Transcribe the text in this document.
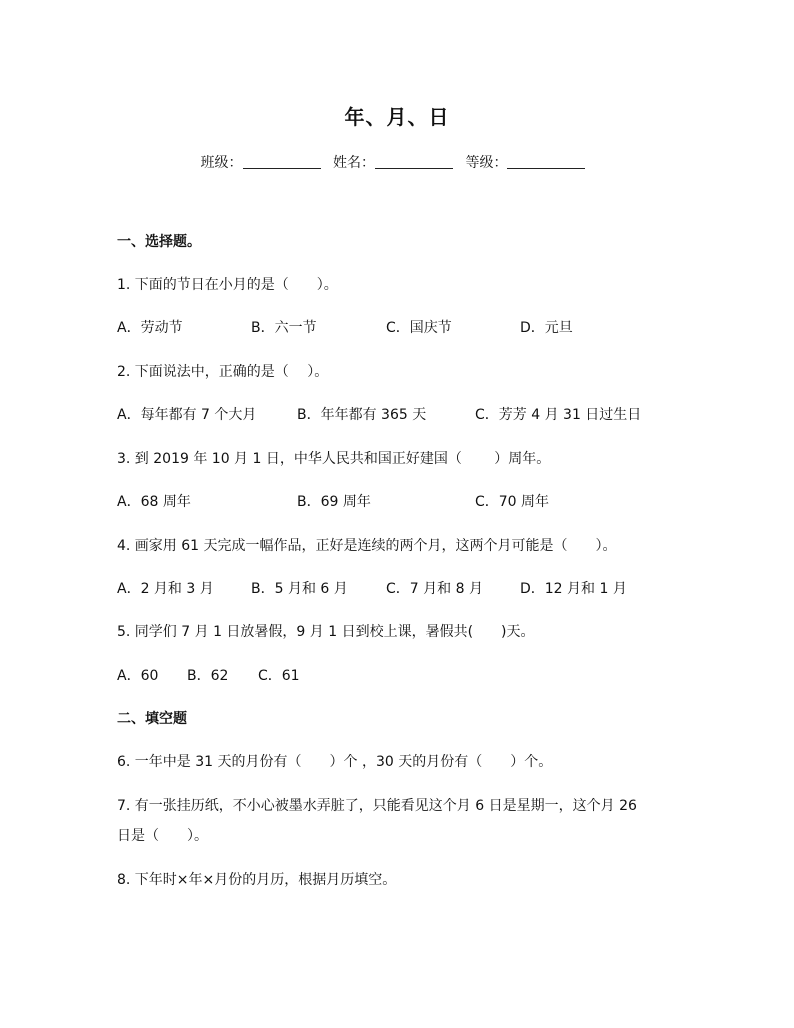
年、月、日
班级：	姓名：	等级：
一、选择题。
1. 下面的节日在小月的是（　　）。
A．劳动节	B．六一节	C．国庆节	D．元旦
2. 下面说法中，正确的是（　 ）。
A．每年都有 7 个大月	B．年年都有 365 天	C．芳芳 4 月 31 日过生日
3. 到 2019 年 10 月 1 日，中华人民共和国正好建国（　　 ）周年。
A．68 周年	B．69 周年	C．70 周年
4. 画家用 61 天完成一幅作品，正好是连续的两个月，这两个月可能是（　　）。
A．2 月和 3 月	B．5 月和 6 月	C．7 月和 8 月	D．12 月和 1 月
5. 同学们 7 月 1 日放暑假，9 月 1 日到校上课，暑假共(　　)天。
A．60 B．62 C．61
二、填空题
6. 一年中是 31 天的月份有（　　）个 ，30 天的月份有（　　）个。
7. 有一张挂历纸，不小心被墨水弄脏了，只能看见这个月 6 日是星期一，这个月 26
日是（　　）。
8. 下年时×年×月份的月历，根据月历填空。
